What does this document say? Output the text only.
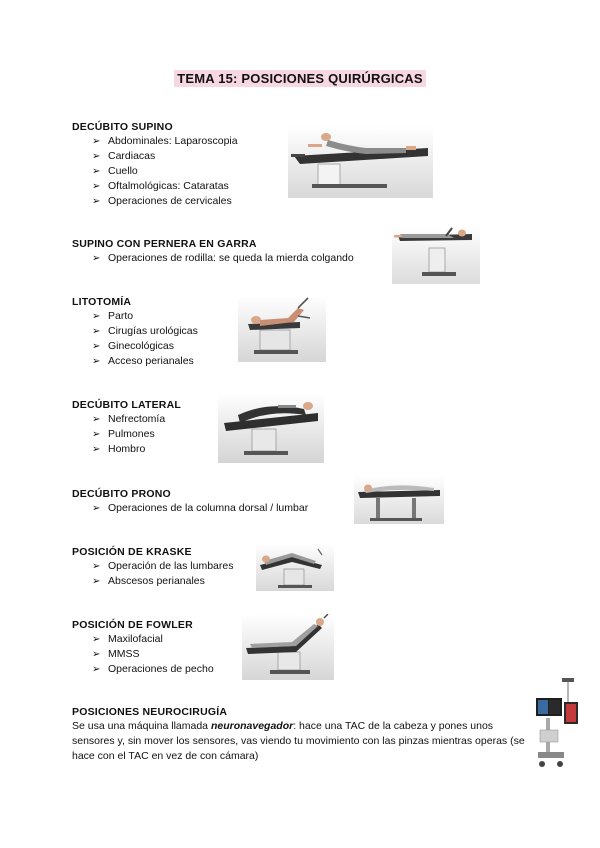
TEMA 15: POSICIONES QUIRÚRGICAS
DECÚBITO SUPINO
➢ Abdominales: Laparoscopia
➢ Cardiacas
➢ Cuello
➢ Oftalmológicas: Cataratas
➢ Operaciones de cervicales
SUPINO CON PERNERA EN GARRA
➢ Operaciones de rodilla: se queda la mierda colgando
LITOTOMÍA
➢ Parto
➢ Cirugías urológicas
➢ Ginecológicas
➢ Acceso perianales
DECÚBITO LATERAL
➢ Nefrectomía
➢ Pulmones
➢ Hombro
DECÚBITO PRONO
➢ Operaciones de la columna dorsal / lumbar
POSICIÓN DE KRASKE
➢ Operación de las lumbares
➢ Abscesos perianales
POSICIÓN DE FOWLER
➢ Maxilofacial
➢ MMSS
➢ Operaciones de pecho
POSICIONES NEUROCIRUGÍA
Se usa una máquina llamada neuronavegador: hace una TAC de la cabeza y pones unos sensores y, sin mover los sensores, vas viendo tu movimiento con las pinzas mientras operas (se hace con el TAC en vez de con cámara)
